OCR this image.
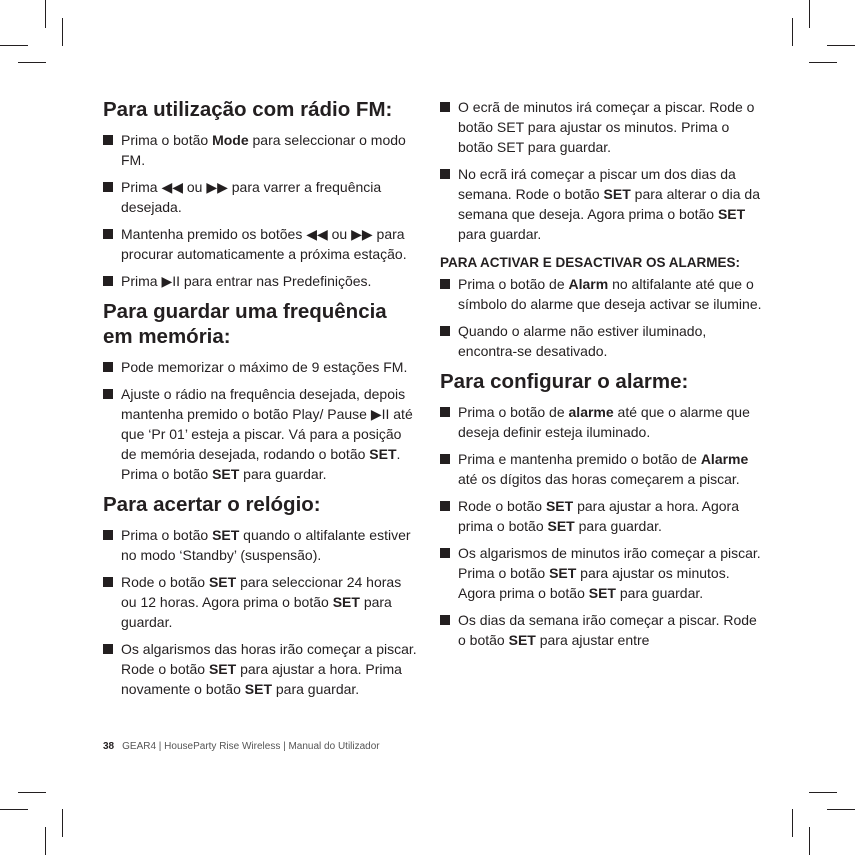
Para utilização com rádio FM:
Prima o botão Mode para seleccionar o modo FM.
Prima ◀◀ ou ▶▶ para varrer a frequência desejada.
Mantenha premido os botões ◀◀ ou ▶▶ para procurar automaticamente a próxima estação.
Prima ▶II para entrar nas Predefinições.
Para guardar uma frequência em memória:
Pode memorizar o máximo de 9 estações FM.
Ajuste o rádio na frequência desejada, depois mantenha premido o botão Play/ Pause ▶II até que ‘Pr 01’ esteja a piscar. Vá para a posição de memória desejada, rodando o botão SET. Prima o botão SET para guardar.
Para acertar o relógio:
Prima o botão SET quando o altifalante estiver no modo ‘Standby’ (suspensão).
Rode o botão SET para seleccionar 24 horas ou 12 horas. Agora prima o botão SET para guardar.
Os algarismos das horas irão começar a piscar. Rode o botão SET para ajustar a hora. Prima novamente o botão SET para guardar.
O ecrã de minutos irá começar a piscar. Rode o botão SET para ajustar os minutos. Prima o botão SET para guardar.
No ecrã irá começar a piscar um dos dias da semana. Rode o botão SET para alterar o dia da semana que deseja. Agora prima o botão SET para guardar.
PARA ACTIVAR E DESACTIVAR OS ALARMES:
Prima o botão de Alarm no altifalante até que o símbolo do alarme que deseja activar se ilumine.
Quando o alarme não estiver iluminado, encontra-se desativado.
Para configurar o alarme:
Prima o botão de alarme até que o alarme que deseja definir esteja iluminado.
Prima e mantenha premido o botão de Alarme até os dígitos das horas começarem a piscar.
Rode o botão SET para ajustar a hora. Agora prima o botão SET para guardar.
Os algarismos de minutos irão começar a piscar. Prima o botão SET para ajustar os minutos. Agora prima o botão SET para guardar.
Os dias da semana irão começar a piscar. Rode o botão SET para ajustar entre
38 GEAR4 | HouseParty Rise Wireless | Manual do Utilizador
